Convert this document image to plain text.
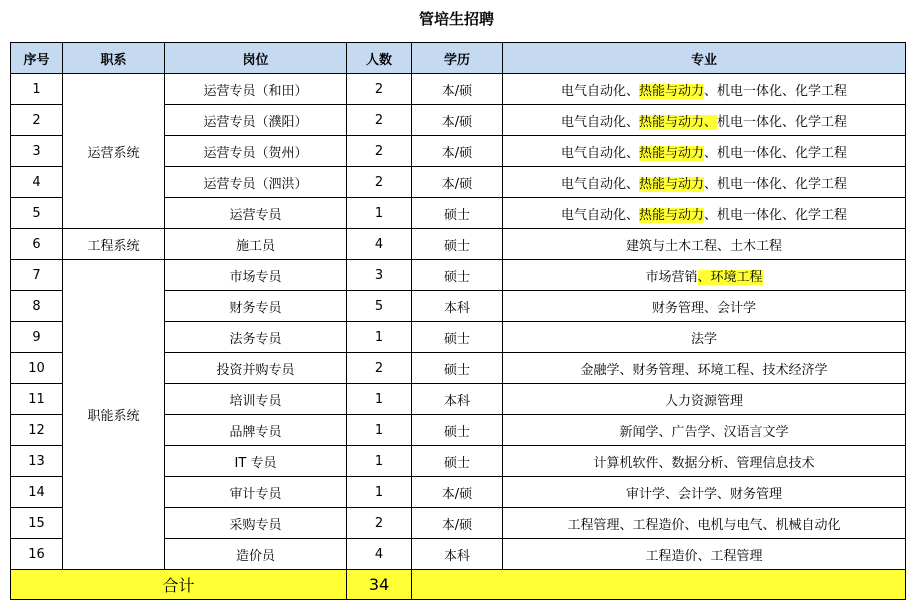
管培生招聘
序号	职系	岗位	人数	学历	专业
1	运营系统	运营专员（和田）	2	本/硕	电气自动化、热能与动力、机电一体化、化学工程
2		运营专员（濮阳）	2	本/硕	电气自动化、热能与动力、机电一体化、化学工程
3		运营专员（贺州）	2	本/硕	电气自动化、热能与动力、机电一体化、化学工程
4		运营专员（泗洪）	2	本/硕	电气自动化、热能与动力、机电一体化、化学工程
5		运营专员	1	硕士	电气自动化、热能与动力、机电一体化、化学工程
6	工程系统	施工员	4	硕士	建筑与土木工程、土木工程
7	职能系统	市场专员	3	硕士	市场营销、环境工程
8		财务专员	5	本科	财务管理、会计学
9		法务专员	1	硕士	法学
10		投资并购专员	2	硕士	金融学、财务管理、环境工程、技术经济学
11		培训专员	1	本科	人力资源管理
12		品牌专员	1	硕士	新闻学、广告学、汉语言文学
13		IT 专员	1	硕士	计算机软件、数据分析、管理信息技术
14		审计专员	1	本/硕	审计学、会计学、财务管理
15		采购专员	2	本/硕	工程管理、工程造价、电机与电气、机械自动化
16		造价员	4	本科	工程造价、工程管理
合计			34		
